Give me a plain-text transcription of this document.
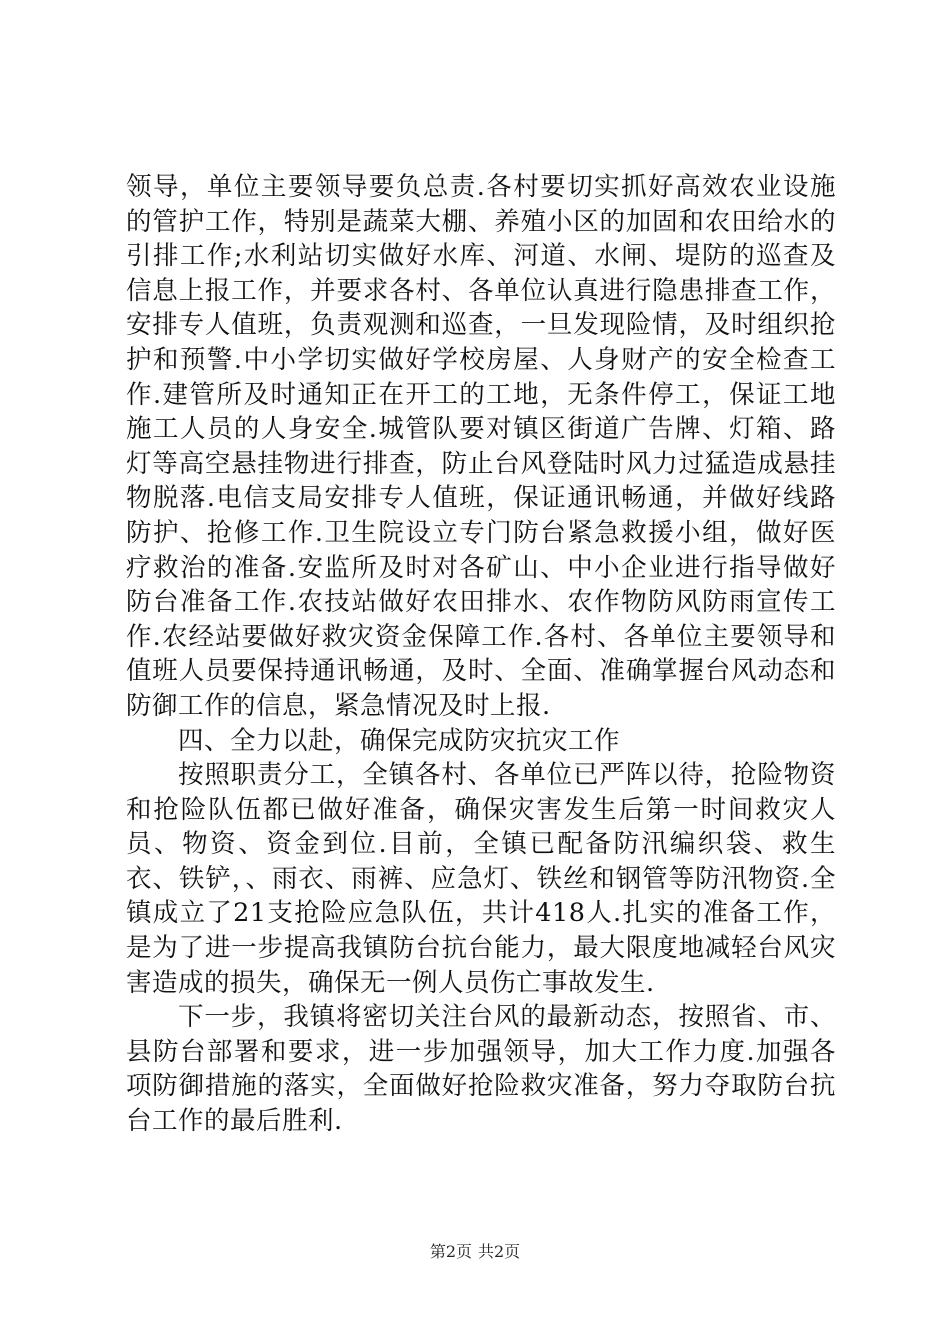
领导，单位主要领导要负总责.各村要切实抓好高效农业设施的管护工作，特别是蔬菜大棚、养殖小区的加固和农田给水的引排工作;水利站切实做好水库、河道、水闸、堤防的巡查及信息上报工作，并要求各村、各单位认真进行隐患排查工作，安排专人值班，负责观测和巡查，一旦发现险情，及时组织抢护和预警.中小学切实做好学校房屋、人身财产的安全检查工作.建管所及时通知正在开工的工地，无条件停工，保证工地施工人员的人身安全.城管队要对镇区街道广告牌、灯箱、路灯等高空悬挂物进行排查，防止台风登陆时风力过猛造成悬挂物脱落.电信支局安排专人值班，保证通讯畅通，并做好线路防护、抢修工作.卫生院设立专门防台紧急救援小组，做好医疗救治的准备.安监所及时对各矿山、中小企业进行指导做好防台准备工作.农技站做好农田排水、农作物防风防雨宣传工作.农经站要做好救灾资金保障工作.各村、各单位主要领导和值班人员要保持通讯畅通，及时、全面、准确掌握台风动态和防御工作的信息，紧急情况及时上报.

四、全力以赴，确保完成防灾抗灾工作

按照职责分工，全镇各村、各单位已严阵以待，抢险物资和抢险队伍都已做好准备，确保灾害发生后第一时间救灾人员、物资、资金到位.目前，全镇已配备防汛编织袋、救生衣、铁铲，、雨衣、雨裤、应急灯、铁丝和钢管等防汛物资.全镇成立了21支抢险应急队伍，共计418人.扎实的准备工作，是为了进一步提高我镇防台抗台能力，最大限度地减轻台风灾害造成的损失，确保无一例人员伤亡事故发生.

下一步，我镇将密切关注台风的最新动态，按照省、市、县防台部署和要求，进一步加强领导，加大工作力度.加强各项防御措施的落实，全面做好抢险救灾准备，努力夺取防台抗台工作的最后胜利.

第2页 共2页
